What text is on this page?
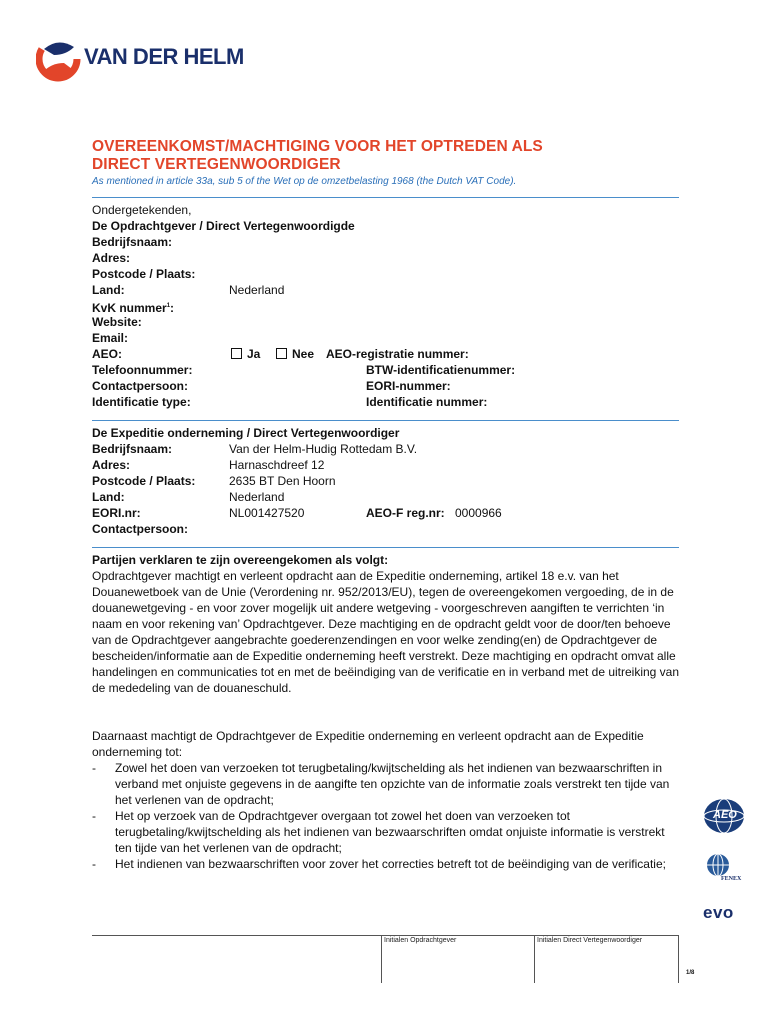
VAN DER HELM
OVEREENKOMST/MACHTIGING VOOR HET OPTREDEN ALS
DIRECT VERTEGENWOORDIGER
As mentioned in article 33a, sub 5 of the Wet op de omzetbelasting 1968 (the Dutch VAT Code).
Ondergetekenden,
De Opdrachtgever / Direct Vertegenwoordigde
Bedrijfsnaam:
Adres:
Postcode / Plaats:
Land:	Nederland
KvK nummer$^1$:
Website:
Email:
AEO:	Ja	Nee AEO-registratie nummer:
Telefoonnummer:	BTW-identificatienummer:
Contactpersoon:	EORI-nummer:
Identificatie type:	Identificatie nummer:
De Expeditie onderneming / Direct Vertegenwoordiger
Bedrijfsnaam:	Van der Helm-Hudig Rottedam B.V.
Adres:	Harnaschdreef 12
Postcode / Plaats:	2635 BT Den Hoorn
Land:	Nederland
EORI.nr:	NL001427520	AEO-F reg.nr: 0000966
Contactpersoon:
Partijen verklaren te zijn overeengekomen als volgt:

Opdrachtgever machtigt en verleent opdracht aan de Expeditie onderneming, artikel 18 e.v. van het Douanewetboek van de Unie (Verordening nr. 952/2013/EU), tegen de overeengekomen vergoeding, de in de douanewetgeving - en voor zover mogelijk uit andere wetgeving - voorgeschreven aangiften te verrichten ‘in naam en voor rekening van’ Opdrachtgever. Deze machtiging en de opdracht geldt voor de door/ten behoeve van de Opdrachtgever aangebrachte goederenzendingen en voor welke zending(en) de Opdrachtgever de bescheiden/informatie aan de Expeditie onderneming heeft verstrekt. Deze machtiging en opdracht omvat alle handelingen en communicaties tot en met de beëindiging van de verificatie en in verband met de uitreiking van de mededeling van de douaneschuld.

Daarnaast machtigt de Opdrachtgever de Expeditie onderneming en verleent opdracht aan de Expeditie onderneming tot:

- Zowel het doen van verzoeken tot terugbetaling/kwijtschelding als het indienen van bezwaarschriften in verband met onjuiste gegevens in de aangifte ten opzichte van de informatie zoals verstrekt ten tijde van het verlenen van de opdracht;
- Het op verzoek van de Opdrachtgever overgaan tot zowel het doen van verzoeken tot terugbetaling/kwijtschelding als het indienen van bezwaarschriften omdat onjuiste informatie is verstrekt ten tijde van het verlenen van de opdracht;
- Het indienen van bezwaarschriften voor zover het correcties betreft tot de beëindiging van de verificatie;
AEO
FENEX
evo
Initialen Opdrachtgever	Initialen Direct Vertegenwoordiger
1/8
